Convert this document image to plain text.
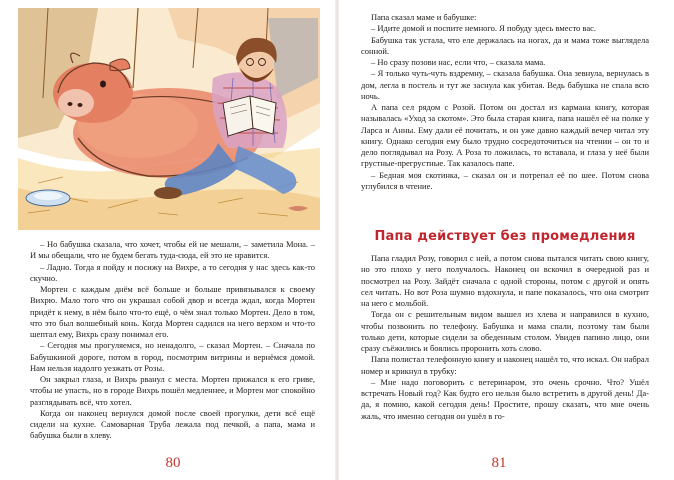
– Но бабушка сказала, что хочет, чтобы ей не мешали, – заметила Мона. – И мы обещали, что не будем бегать туда-сюда, ей это не нравится.

– Ладно. Тогда я пойду и посижу на Вихре, а то сегодня у нас здесь как-то скучно.

Мортен с каждым днём всё больше и больше привязывался к своему Вихрю. Мало того что он украшал собой двор и всегда ждал, когда Мортен придёт к нему, в нём было что-то ещё, о чём знал только Мортен. Дело в том, что это был волшебный конь. Когда Мортен садился на него верхом и что-то шептал ему, Вихрь сразу понимал его.

– Сегодня мы прогуляемся, но ненадолго, – сказал Мортен. – Сначала по Бабушкиной дороге, потом в город, посмотрим витрины и вернёмся домой. Нам нельзя надолго уезжать от Розы.

Он закрыл глаза, и Вихрь рванул с места. Мортен прижался к его гриве, чтобы не упасть, но в городе Вихрь пошёл медленнее, и Мортен мог спокойно разглядывать всё, что хотел.

Когда он наконец вернулся домой после своей прогулки, дети всё ещё сидели на кухне. Самоварная Труба лежала под печкой, а папа, мама и бабушка были в хлеву.

80

Папа сказал маме и бабушке:

– Идите домой и поспите немного. Я побуду здесь вместо вас.

Бабушка так устала, что еле держалась на ногах, да и мама тоже выглядела сонной.

– Но сразу позови нас, если что, – сказала мама.

– Я только чуть-чуть вздремну, – сказала бабушка. Она зевнула, вернулась в дом, легла в постель и тут же заснула как убитая. Ведь бабушка не спала всю ночь.

А папа сел рядом с Розой. Потом он достал из кармана книгу, которая называлась «Уход за скотом». Это была старая книга, папа нашёл её на полке у Ларса и Анны. Ему дали её почитать, и он уже давно каждый вечер читал эту книгу. Однако сегодня ему было трудно сосредоточиться на чтении – он то и дело поглядывал на Розу. А Роза то ложилась, то вставала, и глаза у неё были грустные-прегрустные. Так казалось папе.

– Бедная моя скотинка, – сказал он и потрепал её по шее. Потом снова углубился в чтение.

Папа действует без промедления

Папа гладил Розу, говорил с ней, а потом снова пытался читать свою книгу, но это плохо у него получалось. Наконец он вскочил в очередной раз и посмотрел на Розу. Зайдёт сначала с одной стороны, потом с другой и опять сел читать. Но вот Роза шумно вздохнула, и папе показалось, что она смотрит на него с мольбой.

Тогда он с решительным видом вышел из хлева и направился в кухню, чтобы позвонить по телефону. Бабушка и мама спали, поэтому там были только дети, которые сидели за обеденным столом. Увидев папино лицо, они сразу съёжились и боялись проронить хоть слово.

Папа полистал телефонную книгу и наконец нашёл то, что искал. Он набрал номер и крикнул в трубку:

– Мне надо поговорить с ветеринаром, это очень срочно. Что? Ушёл встречать Новый год? Как будто его нельзя было встретить в другой день! Да-да, я помню, какой сегодня день! Простите, прошу сказать, что мне очень жаль, что именно сегодня он ушёл в го-

81
